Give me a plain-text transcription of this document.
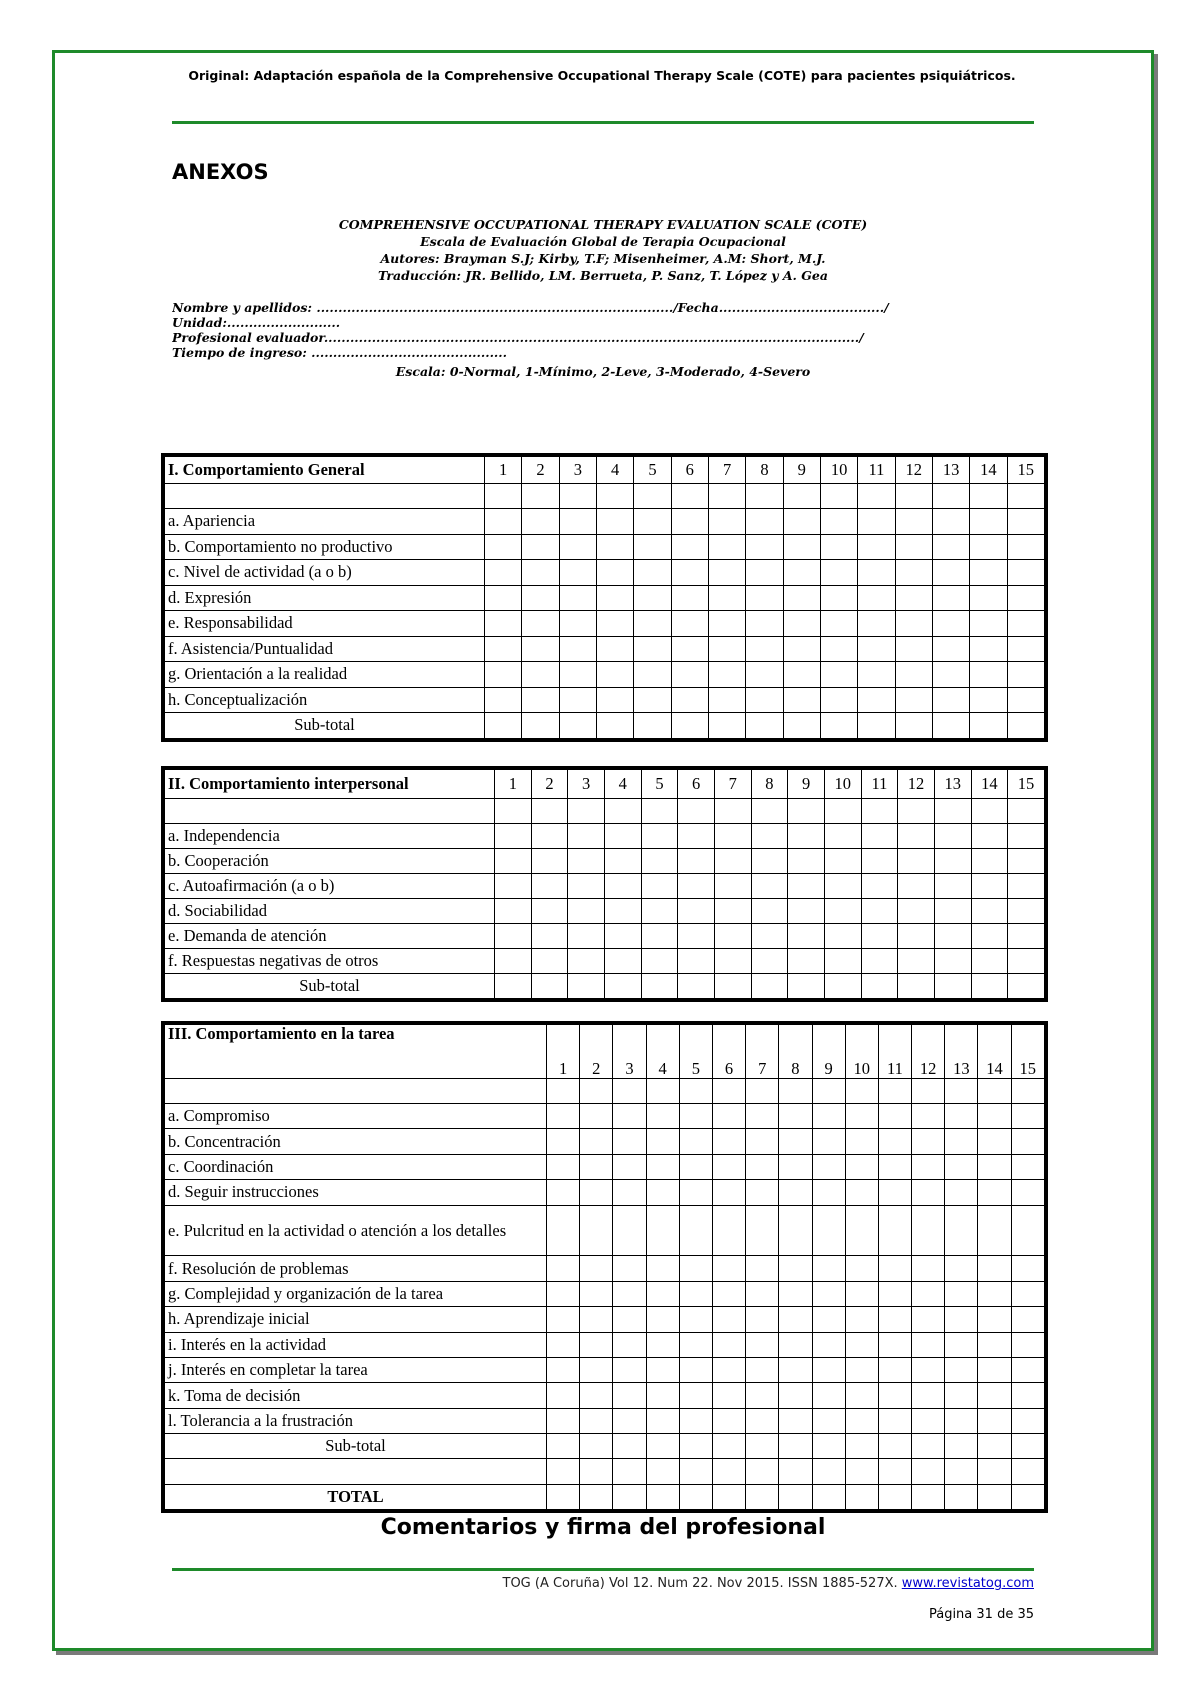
Original: Adaptación española de la Comprehensive Occupational Therapy Scale (COTE) para pacientes psiquiátricos.
ANEXOS
COMPREHENSIVE OCCUPATIONAL THERAPY EVALUATION SCALE (COTE)
Escala de Evaluación Global de Terapia Ocupacional
Autores: Brayman S.J; Kirby, T.F; Misenheimer, A.M: Short, M.J.
Traducción: JR. Bellido, LM. Berrueta, P. Sanz, T. López y A. Gea
Nombre y apellidos: ................................................................................../Fecha....................................../
Unidad:..........................
Profesional evaluador.........................................................................................................................../
Tiempo de ingreso: .............................................
Escala: 0-Normal, 1-Mínimo, 2-Leve, 3-Moderado, 4-Severo
I. Comportamiento General	1	2	3	4	5	6	7	8	9	10	11	12	13	14	15

a. Apariencia															
b. Comportamiento no productivo															
c. Nivel de actividad (a o b)															
d. Expresión															
e. Responsabilidad															
f. Asistencia/Puntualidad															
g. Orientación a la realidad															
h. Conceptualización															
Sub-total															
II. Comportamiento interpersonal	1	2	3	4	5	6	7	8	9	10	11	12	13	14	15

a. Independencia															
b. Cooperación															
c. Autoafirmación (a o b)															
d. Sociabilidad															
e. Demanda de atención															
f. Respuestas negativas de otros															
Sub-total															
III. Comportamiento en la tarea	1	2	3	4	5	6	7	8	9	10	11	12	13	14	15

a. Compromiso															
b. Concentración															
c. Coordinación															
d. Seguir instrucciones															
e. Pulcritud en la actividad o atención a los detalles															
f. Resolución de problemas															
g. Complejidad y organización de la tarea															
h. Aprendizaje inicial															
i. Interés en la actividad															
j. Interés en completar la tarea															
k. Toma de decisión															
l. Tolerancia a la frustración															
Sub-total															

TOTAL															
Comentarios y firma del profesional
TOG (A Coruña) Vol 12. Num 22. Nov 2015. ISSN 1885-527X. www.revistatog.com
Página 31 de 35
